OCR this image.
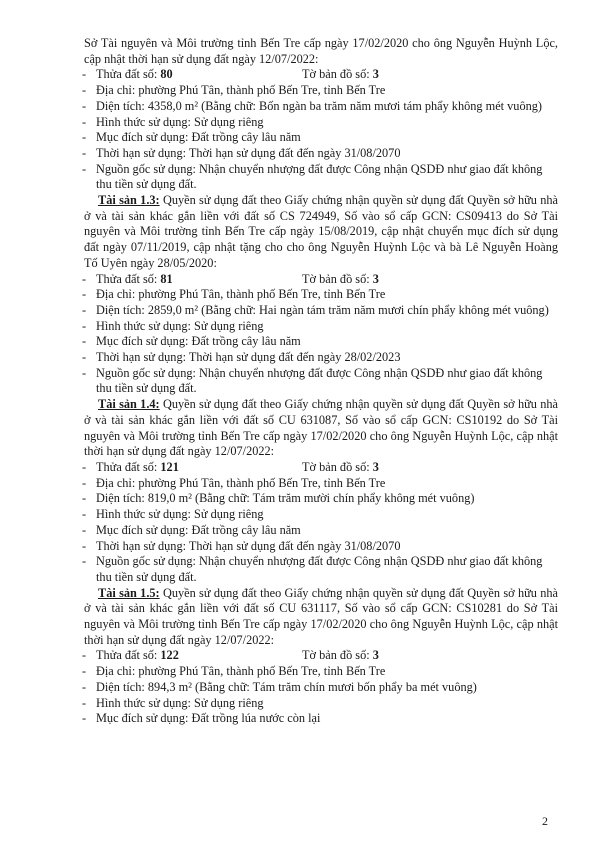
Sở Tài nguyên và Môi trường tỉnh Bến Tre cấp ngày 17/02/2020 cho ông Nguyễn Huỳnh Lộc, cập nhật thời hạn sử dụng đất ngày 12/07/2022:

- Thửa đất số: 80	Tờ bản đồ số: 3
- Địa chỉ: phường Phú Tân, thành phố Bến Tre, tỉnh Bến Tre
- Diện tích: 4358,0 m² (Bằng chữ: Bốn ngàn ba trăm năm mươi tám phẩy không mét vuông)
- Hình thức sử dụng: Sử dụng riêng
- Mục đích sử dụng: Đất trồng cây lâu năm
- Thời hạn sử dụng: Thời hạn sử dụng đất đến ngày 31/08/2070
- Nguồn gốc sử dụng: Nhận chuyển nhượng đất được Công nhận QSDĐ như giao đất không thu tiền sử dụng đất.

Tài sản 1.3: Quyền sử dụng đất theo Giấy chứng nhận quyền sử dụng đất Quyền sở hữu nhà ở và tài sản khác gắn liền với đất số CS 724949, Số vào sổ cấp GCN: CS09413 do Sở Tài nguyên và Môi trường tỉnh Bến Tre cấp ngày 15/08/2019, cập nhật chuyển mục đích sử dụng đất ngày 07/11/2019, cập nhật tặng cho cho ông Nguyễn Huỳnh Lộc và bà Lê Nguyễn Hoàng Tố Uyên ngày 28/05/2020:

- Thửa đất số: 81	Tờ bản đồ số: 3
- Địa chỉ: phường Phú Tân, thành phố Bến Tre, tỉnh Bến Tre
- Diện tích: 2859,0 m² (Bằng chữ: Hai ngàn tám trăm năm mươi chín phẩy không mét vuông)
- Hình thức sử dụng: Sử dụng riêng
- Mục đích sử dụng: Đất trồng cây lâu năm
- Thời hạn sử dụng: Thời hạn sử dụng đất đến ngày 28/02/2023
- Nguồn gốc sử dụng: Nhận chuyển nhượng đất được Công nhận QSDĐ như giao đất không thu tiền sử dụng đất.

Tài sản 1.4: Quyền sử dụng đất theo Giấy chứng nhận quyền sử dụng đất Quyền sở hữu nhà ở và tài sản khác gắn liền với đất số CU 631087, Số vào sổ cấp GCN: CS10192 do Sở Tài nguyên và Môi trường tỉnh Bến Tre cấp ngày 17/02/2020 cho ông Nguyễn Huỳnh Lộc, cập nhật thời hạn sử dụng đất ngày 12/07/2022:

- Thửa đất số: 121	Tờ bản đồ số: 3
- Địa chỉ: phường Phú Tân, thành phố Bến Tre, tỉnh Bến Tre
- Diện tích: 819,0 m² (Bằng chữ: Tám trăm mười chín phẩy không mét vuông)
- Hình thức sử dụng: Sử dụng riêng
- Mục đích sử dụng: Đất trồng cây lâu năm
- Thời hạn sử dụng: Thời hạn sử dụng đất đến ngày 31/08/2070
- Nguồn gốc sử dụng: Nhận chuyển nhượng đất được Công nhận QSDĐ như giao đất không thu tiền sử dụng đất.

Tài sản 1.5: Quyền sử dụng đất theo Giấy chứng nhận quyền sử dụng đất Quyền sở hữu nhà ở và tài sản khác gắn liền với đất số CU 631117, Số vào sổ cấp GCN: CS10281 do Sở Tài nguyên và Môi trường tỉnh Bến Tre cấp ngày 17/02/2020 cho ông Nguyễn Huỳnh Lộc, cập nhật thời hạn sử dụng đất ngày 12/07/2022:

- Thửa đất số: 122	Tờ bản đồ số: 3
- Địa chỉ: phường Phú Tân, thành phố Bến Tre, tỉnh Bến Tre
- Diện tích: 894,3 m² (Bằng chữ: Tám trăm chín mươi bốn phẩy ba mét vuông)
- Hình thức sử dụng: Sử dụng riêng
- Mục đích sử dụng: Đất trồng lúa nước còn lại
2
